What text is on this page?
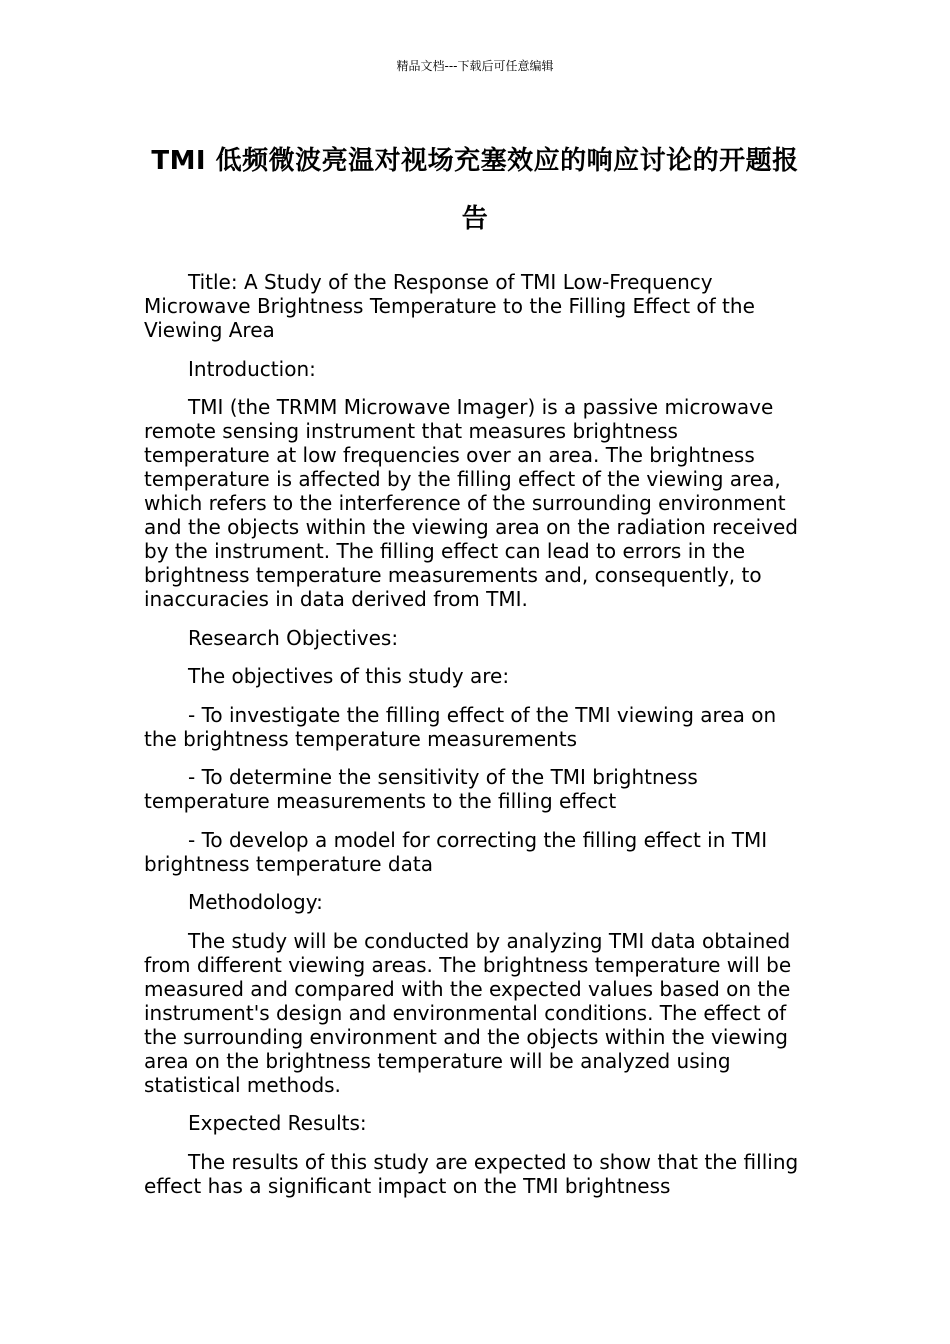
精品文档---下载后可任意编辑
TMI 低频微波亮温对视场充塞效应的响应讨论的开题报告

Title: A Study of the Response of TMI Low-Frequency Microwave Brightness Temperature to the Filling Effect of the Viewing Area

Introduction:

TMI (the TRMM Microwave Imager) is a passive microwave remote sensing instrument that measures brightness temperature at low frequencies over an area. The brightness temperature is affected by the filling effect of the viewing area, which refers to the interference of the surrounding environment and the objects within the viewing area on the radiation received by the instrument. The filling effect can lead to errors in the brightness temperature measurements and, consequently, to inaccuracies in data derived from TMI.

Research Objectives:

The objectives of this study are:

- To investigate the filling effect of the TMI viewing area on the brightness temperature measurements

- To determine the sensitivity of the TMI brightness temperature measurements to the filling effect

- To develop a model for correcting the filling effect in TMI brightness temperature data

Methodology:

The study will be conducted by analyzing TMI data obtained from different viewing areas. The brightness temperature will be measured and compared with the expected values based on the instrument's design and environmental conditions. The effect of the surrounding environment and the objects within the viewing area on the brightness temperature will be analyzed using statistical methods.

Expected Results:

The results of this study are expected to show that the filling effect has a significant impact on the TMI brightness
